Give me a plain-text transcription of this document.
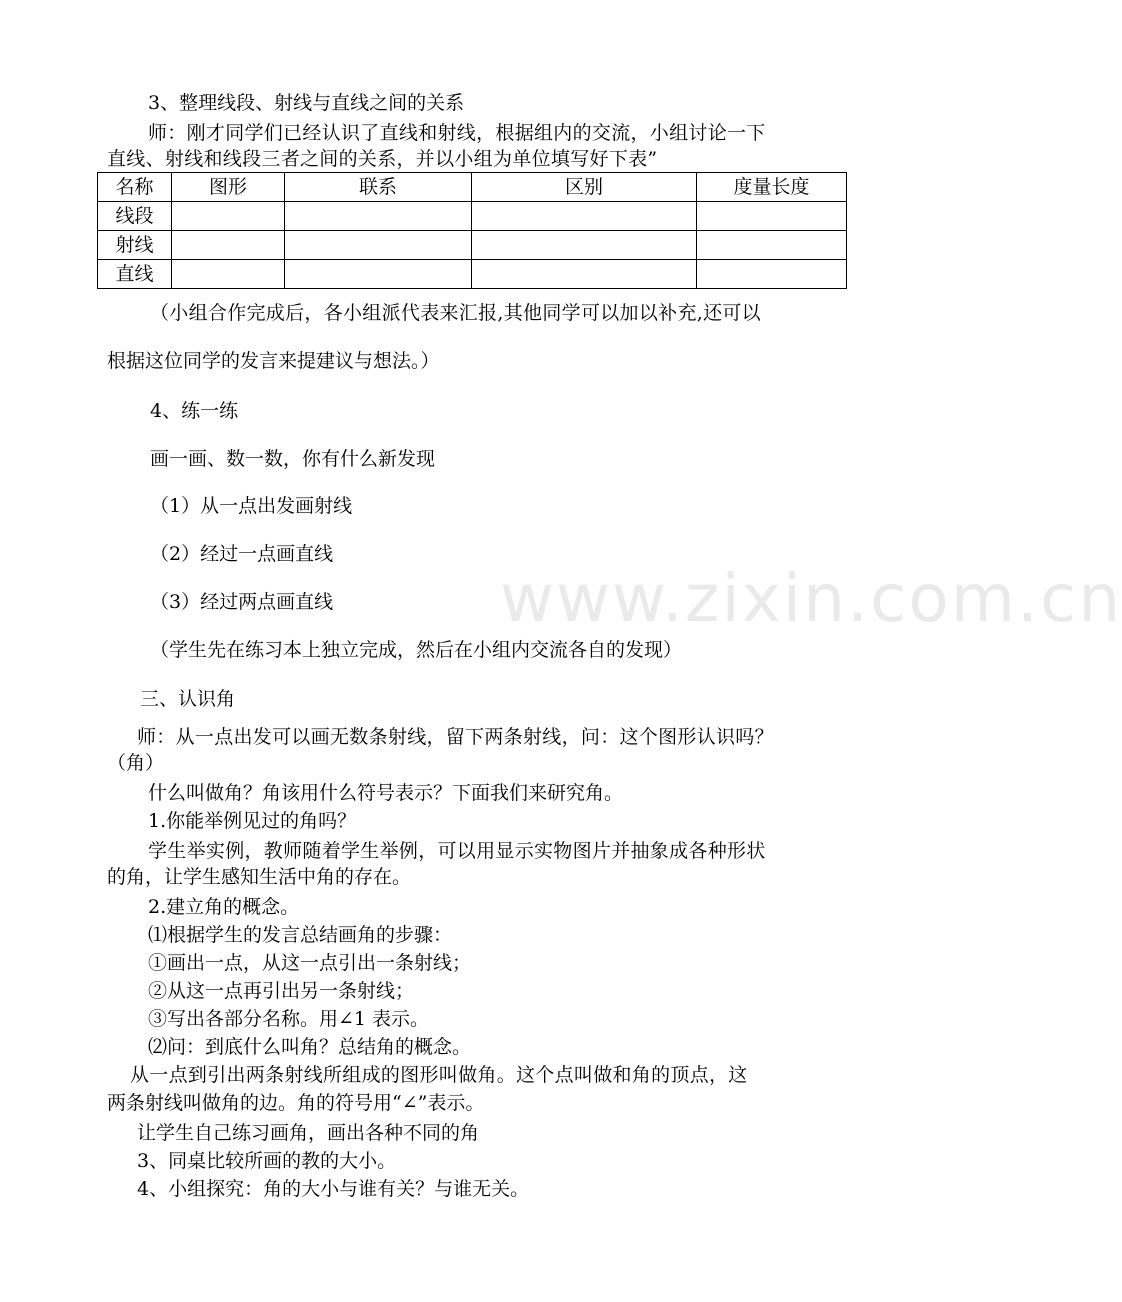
www.zixin.com.cn
3、整理线段、射线与直线之间的关系
师：刚才同学们已经认识了直线和射线，根据组内的交流，小组讨论一下
直线、射线和线段三者之间的关系，并以小组为单位填写好下表”
名称	图形	联系	区别	度量长度
线段				
射线				
直线				
（小组合作完成后，各小组派代表来汇报,其他同学可以加以补充,还可以
根据这位同学的发言来提建议与想法。）
4、练一练
画一画、数一数，你有什么新发现
（1）从一点出发画射线
（2）经过一点画直线
（3）经过两点画直线
（学生先在练习本上独立完成，然后在小组内交流各自的发现）
三、认识角
师：从一点出发可以画无数条射线，留下两条射线，问：这个图形认识吗？
（角）
什么叫做角？角该用什么符号表示？下面我们来研究角。
1.你能举例见过的角吗？
学生举实例，教师随着学生举例，可以用显示实物图片并抽象成各种形状
的角，让学生感知生活中角的存在。
2.建立角的概念。
⑴根据学生的发言总结画角的步骤：
①画出一点，从这一点引出一条射线；
②从这一点再引出另一条射线；
③写出各部分名称。用∠1 表示。
⑵问：到底什么叫角？总结角的概念。
从一点到引出两条射线所组成的图形叫做角。这个点叫做和角的顶点，这
两条射线叫做角的边。角的符号用“∠”表示。
让学生自己练习画角，画出各种不同的角
3、同桌比较所画的教的大小。
4、小组探究：角的大小与谁有关？与谁无关。
